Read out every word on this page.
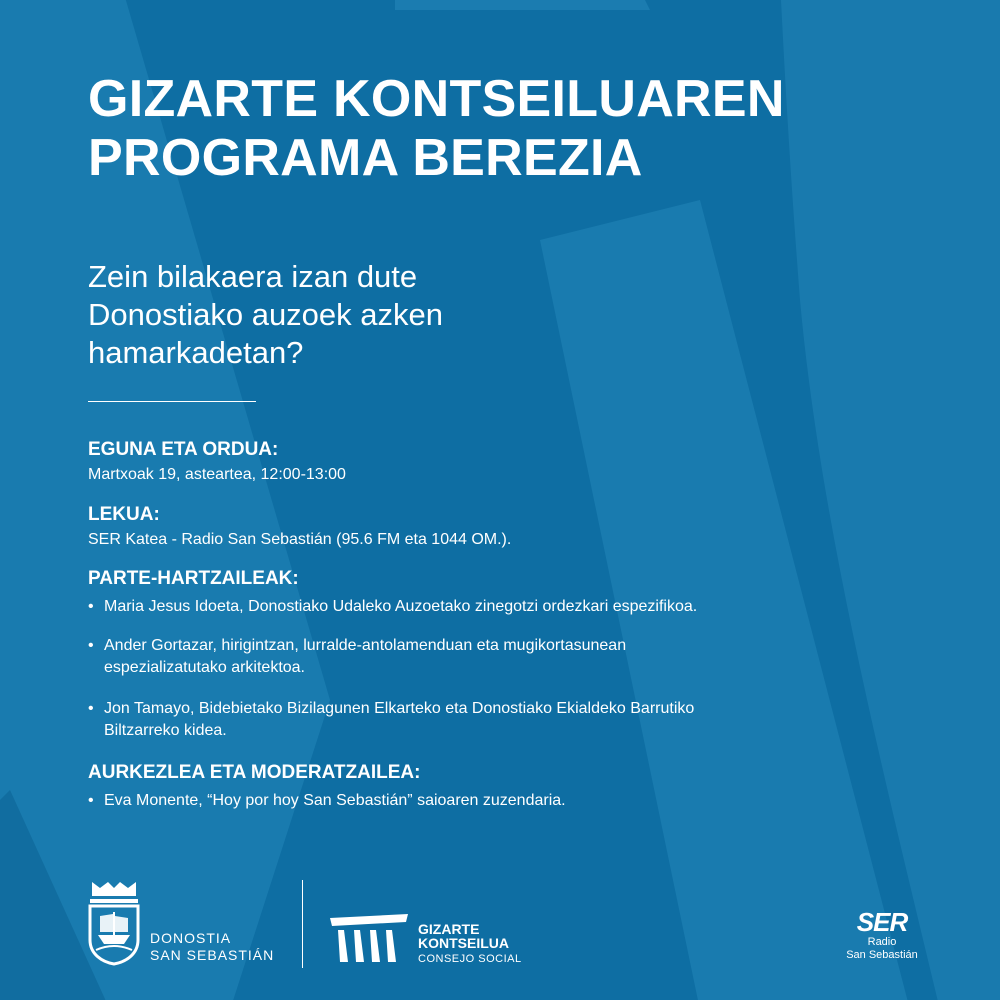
GIZARTE KONTSEILUAREN
PROGRAMA BEREZIA
Zein bilakaera izan dute
Donostiako auzoek azken
hamarkadetan?

EGUNA ETA ORDUA:

Martxoak 19, asteartea, 12:00-13:00

LEKUA:

SER Katea - Radio San Sebastián (95.6 FM eta 1044 OM.).

PARTE-HARTZAILEAK:

• Maria Jesus Idoeta, Donostiako Udaleko Auzoetako zinegotzi ordezkari espezifikoa.
• Ander Gortazar, hirigintzan, lurralde-antolamenduan eta mugikortasunean
espezializatutako arkitektoa.
• Jon Tamayo, Bidebietako Bizilagunen Elkarteko eta Donostiako Ekialdeko Barrutiko
Biltzarreko kidea.

AURKEZLEA ETA MODERATZAILEA:

• Eva Monente, “Hoy por hoy San Sebastián” saioaren zuzendaria.
DONOSTIA
SAN SEBASTIÁN
GIZARTE
KONTSEILUA
CONSEJO SOCIAL
SER
Radio
San Sebastián
